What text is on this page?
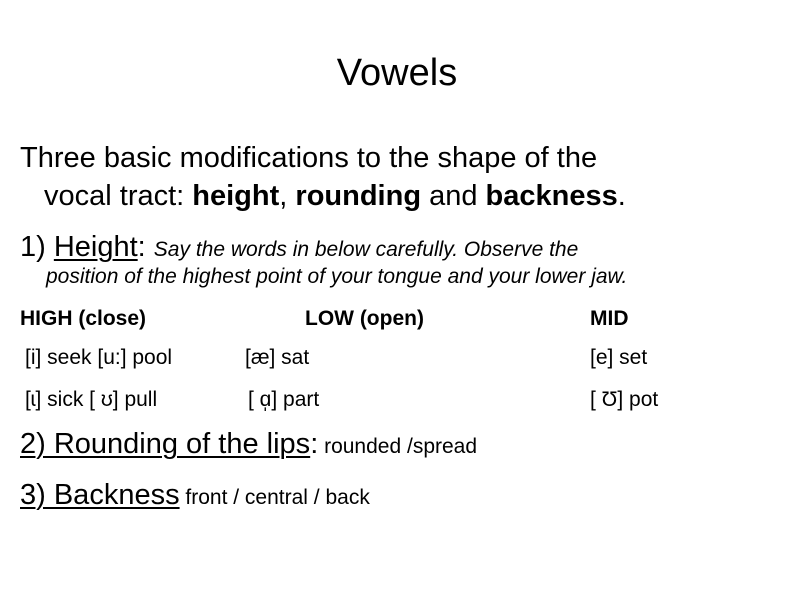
Vowels
Three basic modifications to the shape of the
vocal tract: height, rounding and backness.
1) Height: Say the words in below carefully. Observe the
position of the highest point of your tongue and your lower jaw.
HIGH (close)	LOW (open)	MID
[i] seek [u:] pool	[æ] sat	[e] set
[ɩ] sick [ ʊ] pull	[ ɑ̩] part	[ Ʊ] pot
2) Rounding of the lips: rounded /spread
3) Backness front / central / back
